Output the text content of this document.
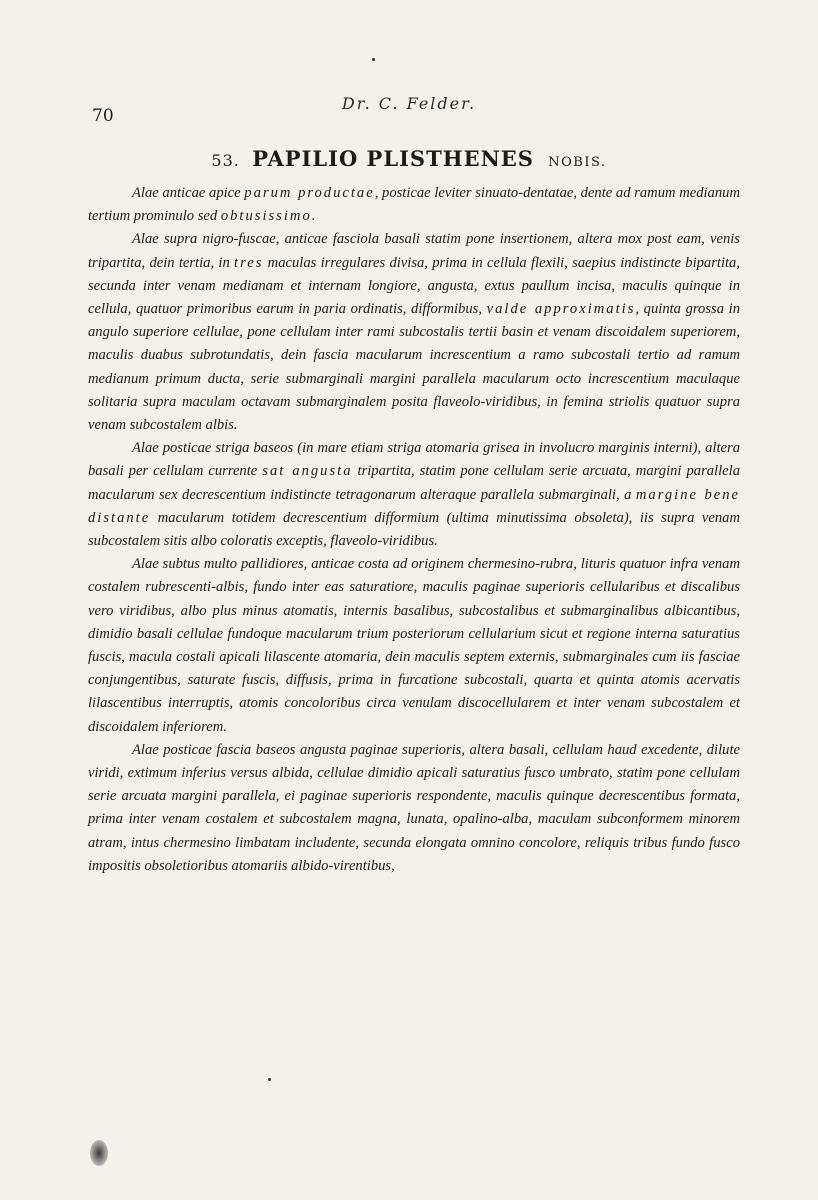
70
Dr. C. Felder.
53. PAPILIO PLISTHENES NOBIS.

Alae anticae apice parum productae, posticae leviter sinuato-dentatae, dente ad ramum medianum tertium prominulo sed obtusissimo.

Alae supra nigro-fuscae, anticae fasciola basali statim pone insertionem, altera mox post eam, venis tripartita, dein tertia, in tres maculas irregulares divisa, prima in cellula flexili, saepius indistincte bipartita, secunda inter venam medianam et internam longiore, angusta, extus paullum incisa, maculis quinque in cellula, quatuor primoribus earum in paria ordinatis, difformibus, valde approximatis, quinta grossa in angulo superiore cellulae, pone cellulam inter rami subcostalis tertii basin et venam discoidalem superiorem, maculis duabus subrotundatis, dein fascia macularum increscentium a ramo subcostali tertio ad ramum medianum primum ducta, serie submarginali margini parallela macularum octo increscentium maculaque solitaria supra maculam octavam submarginalem posita flaveolo-viridibus, in femina striolis quatuor supra venam subcostalem albis.

Alae posticae striga baseos (in mare etiam striga atomaria grisea in involucro marginis interni), altera basali per cellulam currente sat angusta tripartita, statim pone cellulam serie arcuata, margini parallela macularum sex decrescentium indistincte tetragonarum alteraque parallela submarginali, a margine bene distante macularum totidem decrescentium difformium (ultima minutissima obsoleta), iis supra venam subcostalem sitis albo coloratis exceptis, flaveolo-viridibus.

Alae subtus multo pallidiores, anticae costa ad originem chermesino-rubra, lituris quatuor infra venam costalem rubrescenti-albis, fundo inter eas saturatiore, maculis paginae superioris cellularibus et discalibus vero viridibus, albo plus minus atomatis, internis basalibus, subcostalibus et submarginalibus albicantibus, dimidio basali cellulae fundoque macularum trium posteriorum cellularium sicut et regione interna saturatius fuscis, macula costali apicali lilascente atomaria, dein maculis septem externis, submarginales cum iis fasciae conjungentibus, saturate fuscis, diffusis, prima in furcatione subcostali, quarta et quinta atomis acervatis lilascentibus interruptis, atomis concoloribus circa venulam discocellularem et inter venam subcostalem et discoidalem inferiorem.

Alae posticae fascia baseos angusta paginae superioris, altera basali, cellulam haud excedente, dilute viridi, extimum inferius versus albida, cellulae dimidio apicali saturatius fusco umbrato, statim pone cellulam serie arcuata margini parallela, ei paginae superioris respondente, maculis quinque decrescentibus formata, prima inter venam costalem et subcostalem magna, lunata, opalino-alba, maculam subconformem minorem atram, intus chermesino limbatam includente, secunda elongata omnino concolore, reliquis tribus fundo fusco impositis obsoletioribus atomariis albido-virentibus,
